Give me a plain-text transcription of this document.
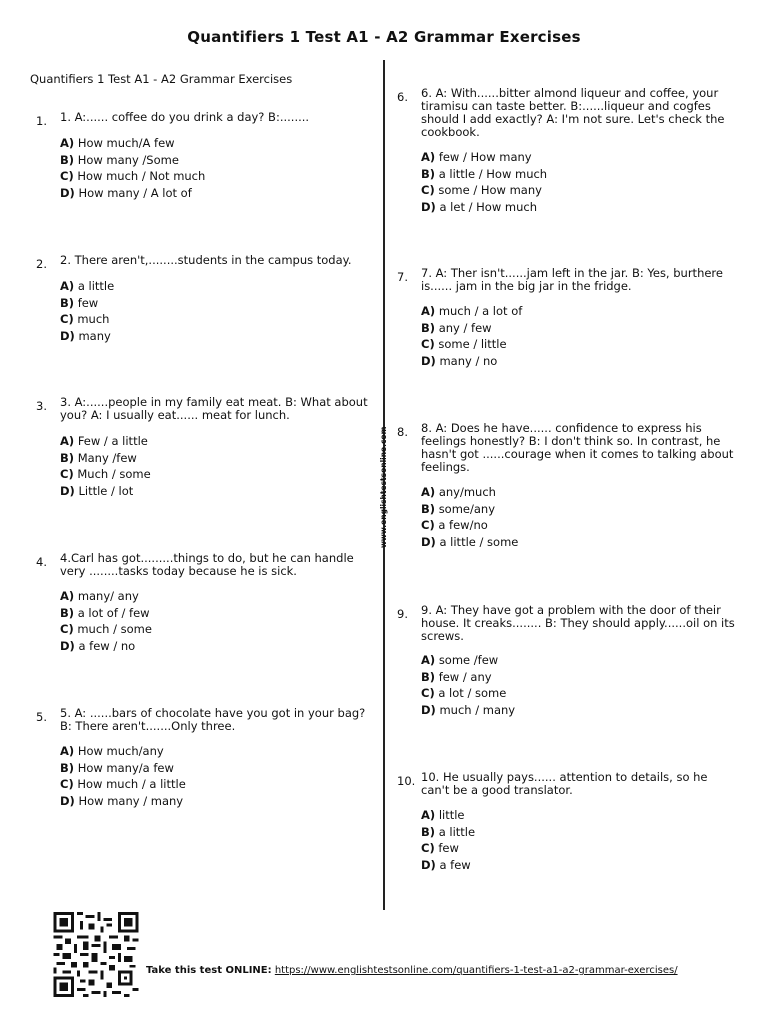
Quantifiers 1 Test A1 - A2 Grammar Exercises
Quantifiers 1 Test A1 - A2 Grammar Exercises
www.englishtestsonline.com
1.	1. A:...... coffee do you drink a day? B:........
A) How much/A few
B) How many /Some
C) How much / Not much
D) How many / A lot of
2.	2. There aren't,........students in the campus today.
A) a little
B) few
C) much
D) many
3.	3. A:......people in my family eat meat. B: What about you? A: I usually eat...... meat for lunch.
A) Few / a little
B) Many /few
C) Much / some
D) Little / lot
4.	4.Carl has got.........things to do, but he can handle very ........tasks today because he is sick.
A) many/ any
B) a lot of / few
C) much / some
D) a few / no
5.	5. A: ......bars of chocolate have you got in your bag? B: There aren't.......Only three.
A) How much/any
B) How many/a few
C) How much / a little
D) How many / many
6.	6. A: With......bitter almond liqueur and coffee, your tiramisu can taste better. B:......liqueur and cogfes should I add exactly? A: I'm not sure. Let's check the cookbook.
A) few / How many
B) a little / How much
C) some / How many
D) a let / How much
7.	7. A: Ther isn't......jam left in the jar. B: Yes, burthere is...... jam in the big jar in the fridge.
A) much / a lot of
B) any / few
C) some / little
D) many / no
8.	8. A: Does he have...... confidence to express his feelings honestly? B: I don't think so. In contrast, he hasn't got ......courage when it comes to talking about feelings.
A) any/much
B) some/any
C) a few/no
D) a little / some
9.	9. A: They have got a problem with the door of their house. It creaks........ B: They should apply......oil on its screws.
A) some /few
B) few / any
C) a lot / some
D) much / many
10. 10. He usually pays...... attention to details, so he can't be a good translator.
A) little
B) a little
C) few
D) a few
Take this test ONLINE: https://www.englishtestsonline.com/quantifiers-1-test-a1-a2-grammar-exercises/
